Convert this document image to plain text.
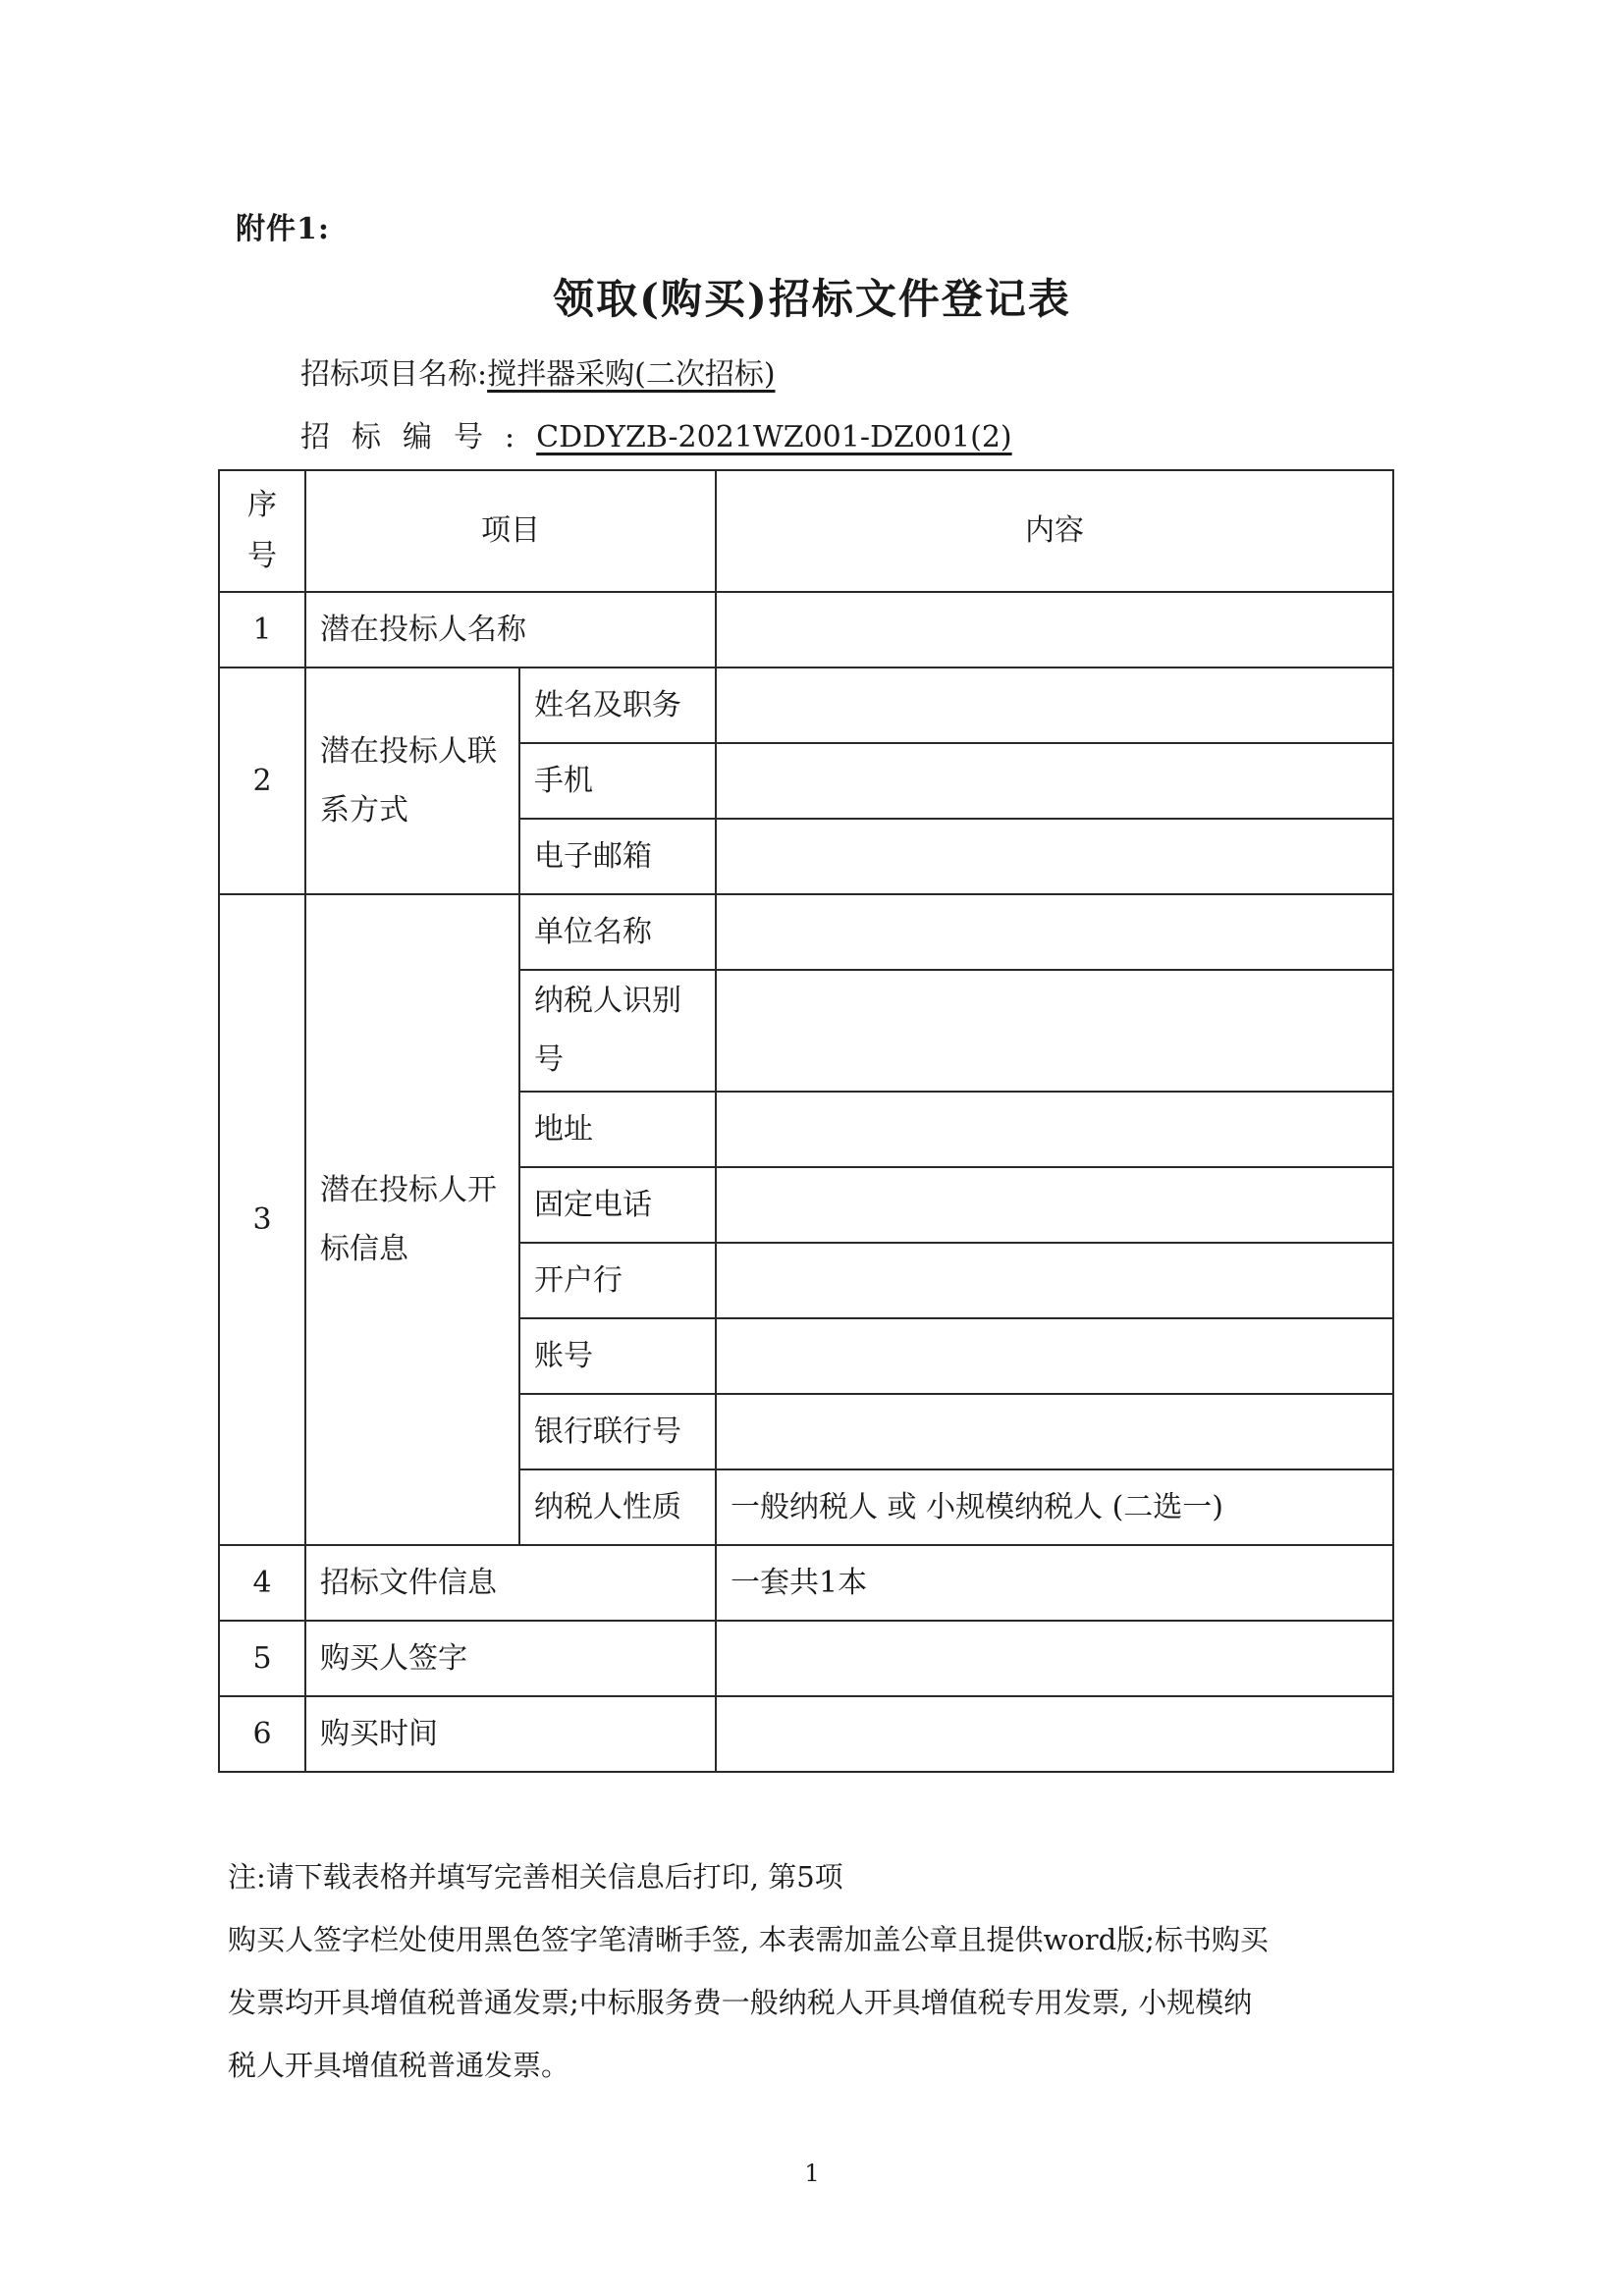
附件1:
领取(购买)招标文件登记表
招标项目名称:搅拌器采购(二次招标)
招标编号:CDDYZB-2021WZ001-DZ001(2)
序号	项目		内容
1	潜在投标人名称		
2	潜在投标人联系方式	姓名及职务	
		手机	
		电子邮箱	
3	潜在投标人开标信息	单位名称	
		纳税人识别号	
		地址	
		固定电话	
		开户行	
		账号	
		银行联行号	
		纳税人性质	一般纳税人 或 小规模纳税人 (二选一)
4	招标文件信息		一套共1本
5	购买人签字		
6	购买时间		

注:请下载表格并填写完善相关信息后打印, 第5项

购买人签字栏处使用黑色签字笔清晰手签, 本表需加盖公章且提供word版;标书购买

发票均开具增值税普通发票;中标服务费一般纳税人开具增值税专用发票, 小规模纳

税人开具增值税普通发票。

1
